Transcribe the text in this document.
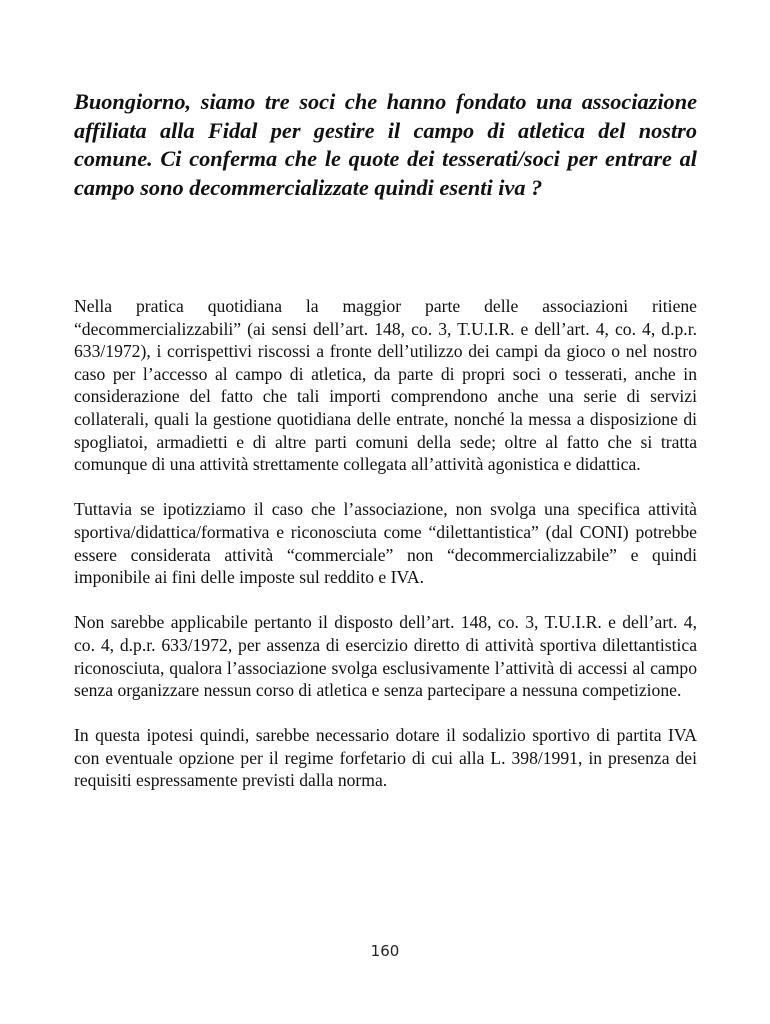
Buongiorno, siamo tre soci che hanno fondato una associazione affiliata alla Fidal per gestire il campo di atletica del nostro comune. Ci conferma che le quote dei tesserati/soci per entrare al campo sono decommercializzate quindi esenti iva ?

Nella pratica quotidiana la maggior parte delle associazioni ritiene “decommercializzabili” (ai sensi dell’art. 148, co. 3, T.U.I.R. e dell’art. 4, co. 4, d.p.r. 633/1972), i corrispettivi riscossi a fronte dell’utilizzo dei campi da gioco o nel nostro caso per l’accesso al campo di atletica, da parte di propri soci o tesserati, anche in considerazione del fatto che tali importi comprendono anche una serie di servizi collaterali, quali la gestione quotidiana delle entrate, nonché la messa a disposizione di spogliatoi, armadietti e di altre parti comuni della sede; oltre al fatto che si tratta comunque di una attività strettamente collegata all’attività agonistica e didattica.

Tuttavia se ipotizziamo il caso che l’associazione, non svolga una specifica attività sportiva/didattica/formativa e riconosciuta come “dilettantistica” (dal CONI) potrebbe essere considerata attività “commerciale” non “decommercializzabile” e quindi imponibile ai fini delle imposte sul reddito e IVA.

Non sarebbe applicabile pertanto il disposto dell’art. 148, co. 3, T.U.I.R. e dell’art. 4, co. 4, d.p.r. 633/1972, per assenza di esercizio diretto di attività sportiva dilettantistica riconosciuta, qualora l’associazione svolga esclusivamente l’attività di accessi al campo senza organizzare nessun corso di atletica e senza partecipare a nessuna competizione.

In questa ipotesi quindi, sarebbe necessario dotare il sodalizio sportivo di partita IVA con eventuale opzione per il regime forfetario di cui alla L. 398/1991, in presenza dei requisiti espressamente previsti dalla norma.

160
